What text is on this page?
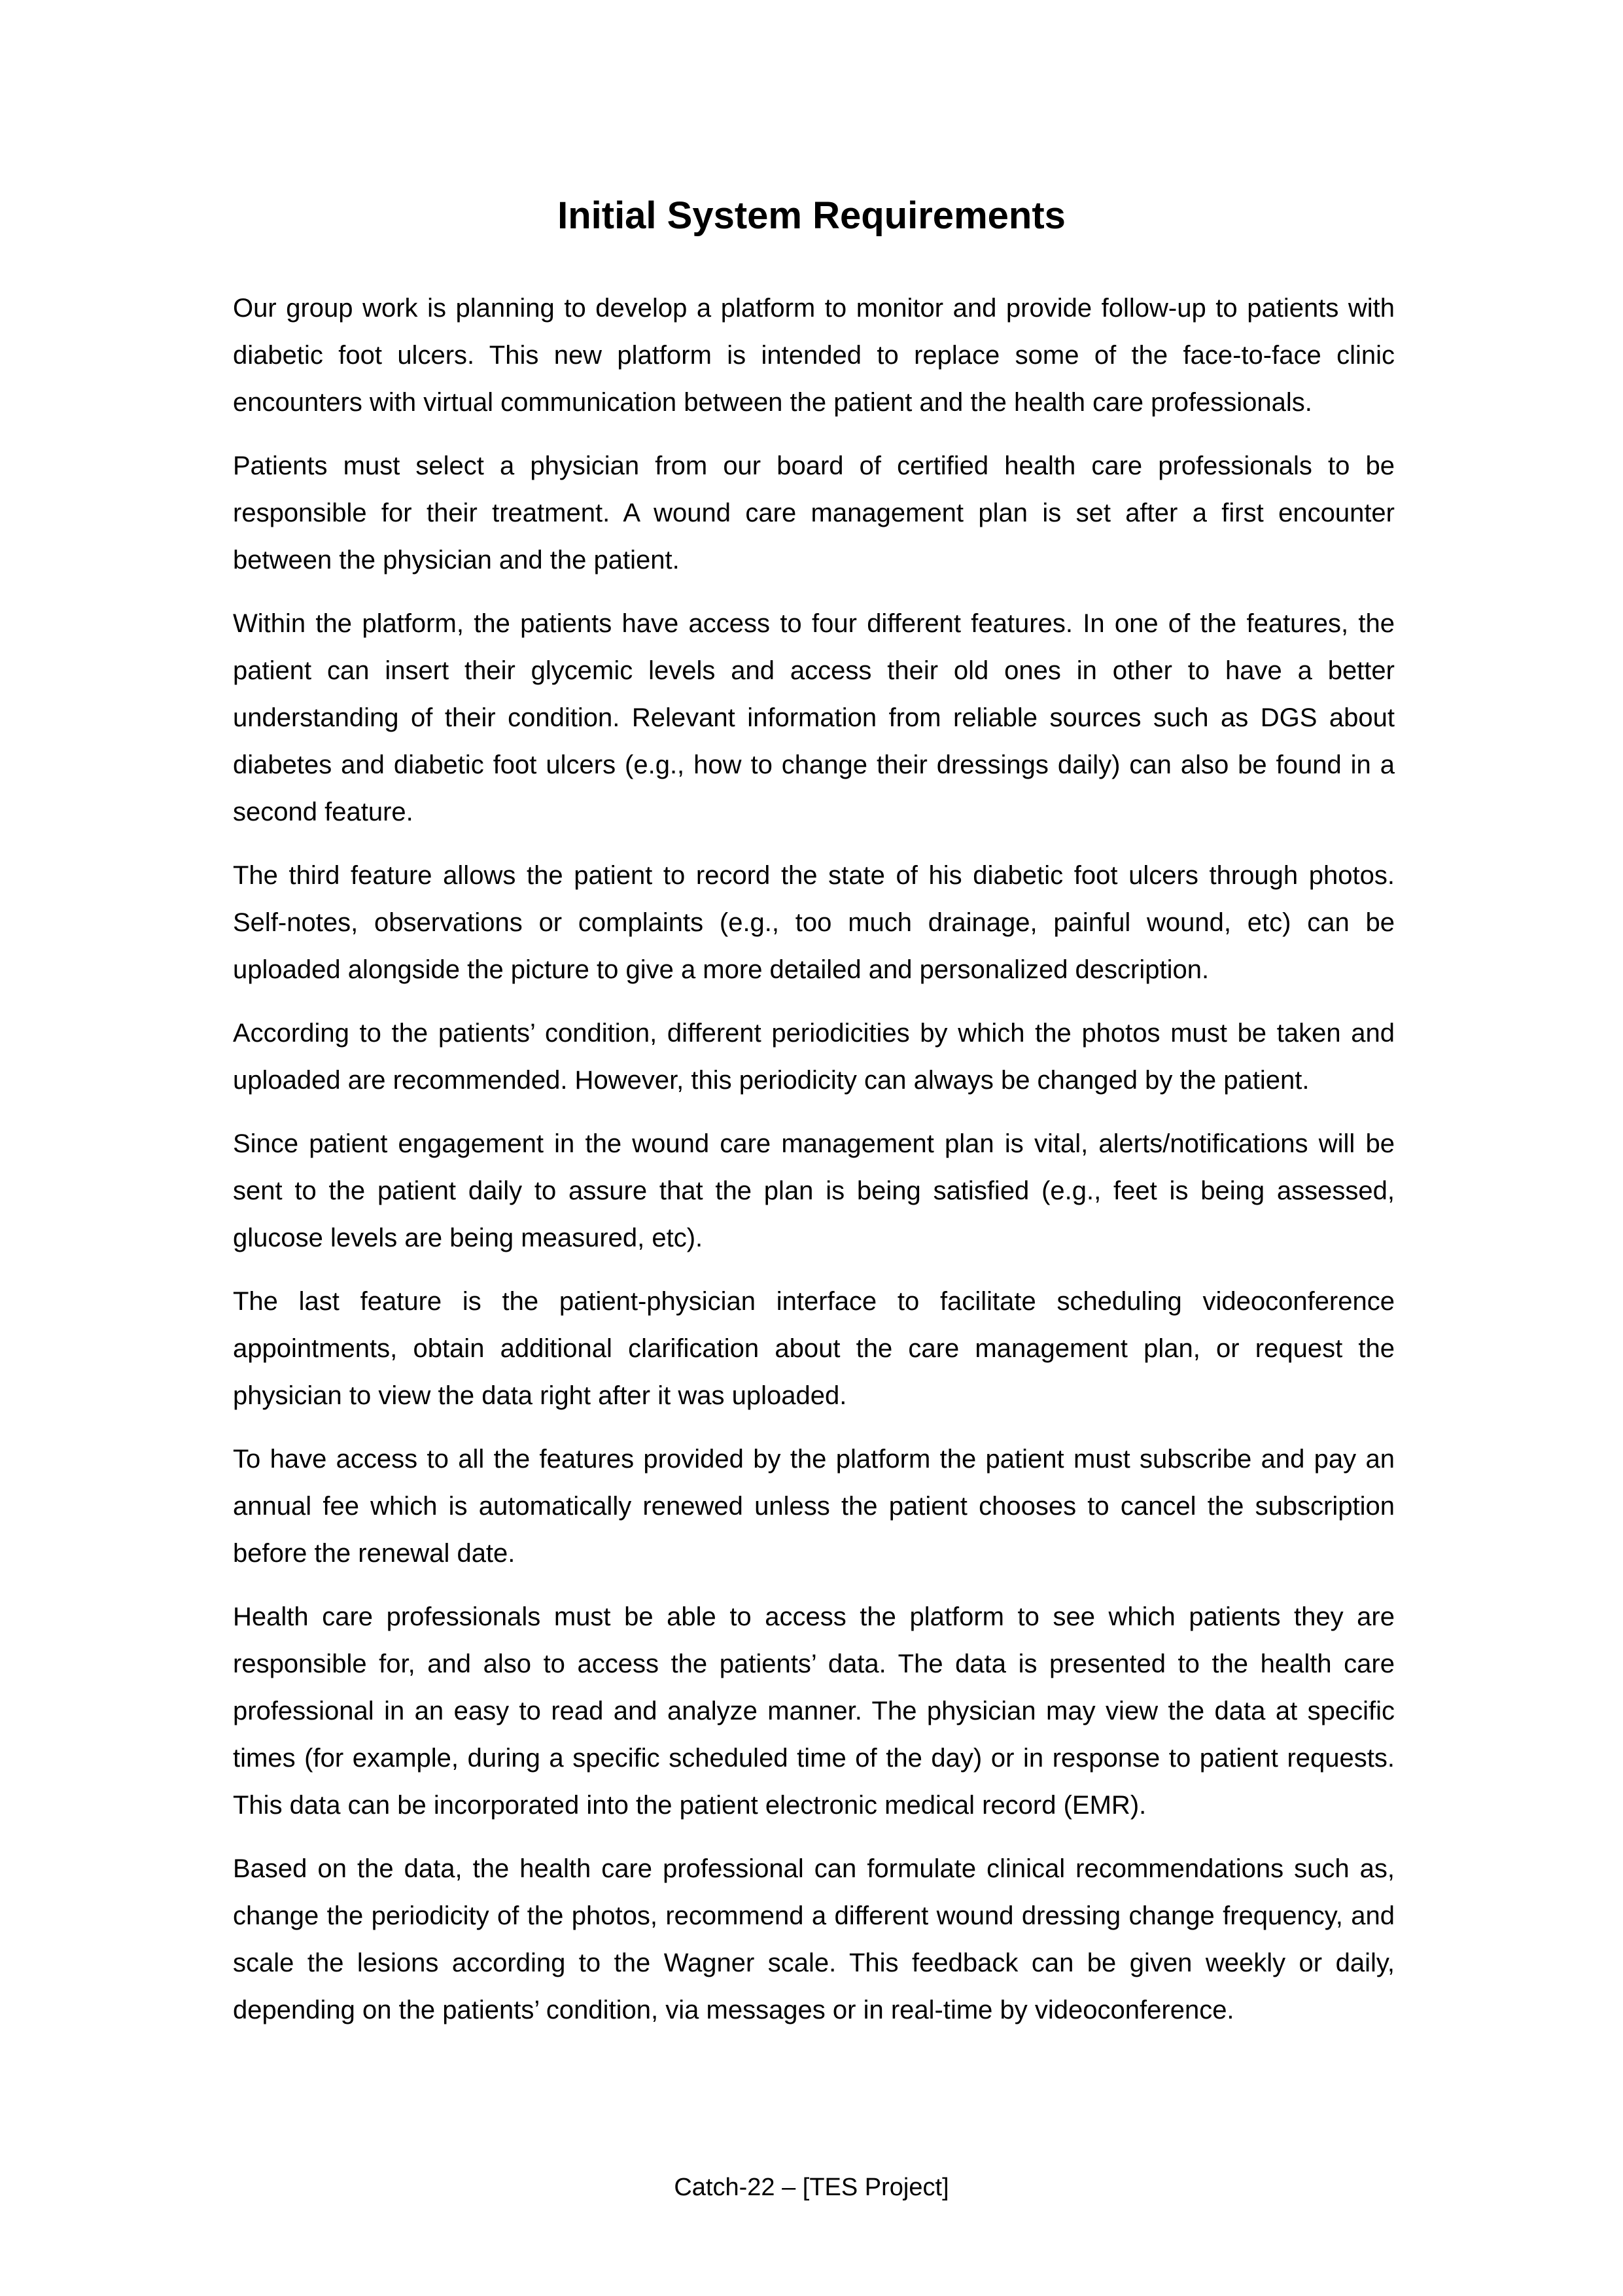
Initial System Requirements

Our group work is planning to develop a platform to monitor and provide follow-up to patients with diabetic foot ulcers. This new platform is intended to replace some of the face-to-face clinic encounters with virtual communication between the patient and the health care professionals.

Patients must select a physician from our board of certified health care professionals to be responsible for their treatment. A wound care management plan is set after a first encounter between the physician and the patient.

Within the platform, the patients have access to four different features. In one of the features, the patient can insert their glycemic levels and access their old ones in other to have a better understanding of their condition. Relevant information from reliable sources such as DGS about diabetes and diabetic foot ulcers (e.g., how to change their dressings daily) can also be found in a second feature.

The third feature allows the patient to record the state of his diabetic foot ulcers through photos. Self-notes, observations or complaints (e.g., too much drainage, painful wound, etc) can be uploaded alongside the picture to give a more detailed and personalized description.

According to the patients’ condition, different periodicities by which the photos must be taken and uploaded are recommended. However, this periodicity can always be changed by the patient.

Since patient engagement in the wound care management plan is vital, alerts/notifications will be sent to the patient daily to assure that the plan is being satisfied (e.g., feet is being assessed, glucose levels are being measured, etc).

The last feature is the patient-physician interface to facilitate scheduling videoconference appointments, obtain additional clarification about the care management plan, or request the physician to view the data right after it was uploaded.

To have access to all the features provided by the platform the patient must subscribe and pay an annual fee which is automatically renewed unless the patient chooses to cancel the subscription before the renewal date.

Health care professionals must be able to access the platform to see which patients they are responsible for, and also to access the patients’ data. The data is presented to the health care professional in an easy to read and analyze manner. The physician may view the data at specific times (for example, during a specific scheduled time of the day) or in response to patient requests. This data can be incorporated into the patient electronic medical record (EMR).

Based on the data, the health care professional can formulate clinical recommendations such as, change the periodicity of the photos, recommend a different wound dressing change frequency, and scale the lesions according to the Wagner scale. This feedback can be given weekly or daily, depending on the patients’ condition, via messages or in real-time by videoconference.

Catch-22 – [TES Project]
